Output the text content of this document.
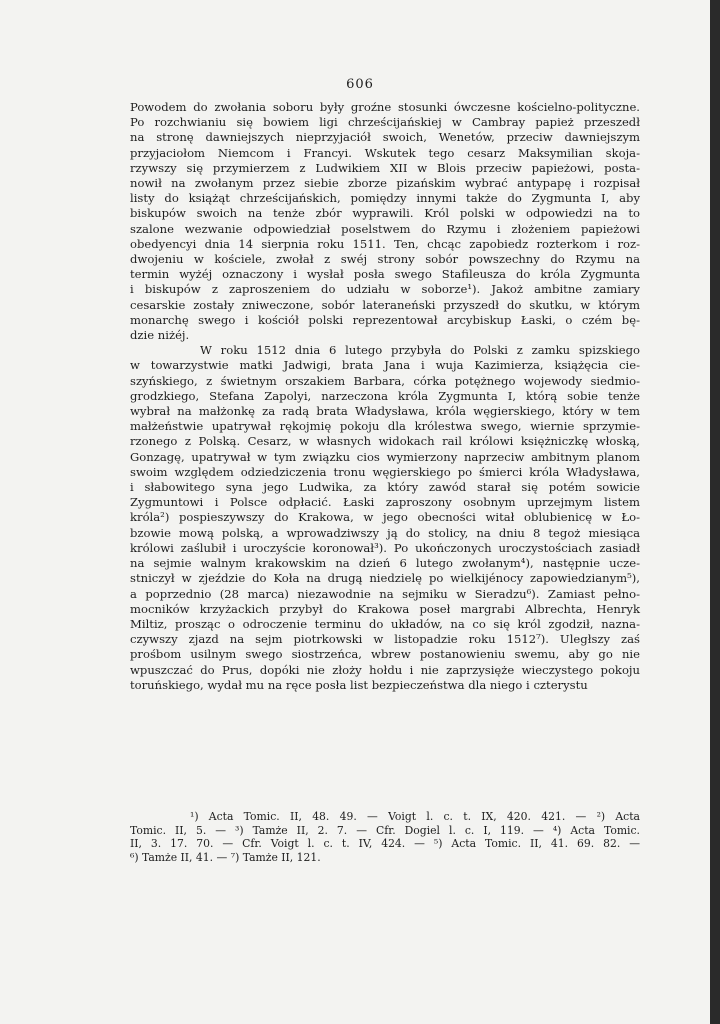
606

Powodem do zwołania soboru były groźne stosunki ówczesne kościelno-polityczne.
Po rozchwianiu się bowiem ligi chrześcijańskiej w Cambray papież przeszedł
na stronę dawniejszych nieprzyjaciół swoich, Wenetów, przeciw dawniejszym
przyjaciołom Niemcom i Francyi. Wskutek tego cesarz Maksymilian skoja-
rzywszy się przymierzem z Ludwikiem XII w Blois przeciw papieżowi, posta-
nowił na zwołanym przez siebie zborze pizańskim wybrać antypapę i rozpisał
listy do książąt chrześcijańskich, pomiędzy innymi także do Zygmunta I, aby
biskupów swoich na tenże zbór wyprawili. Król polski w odpowiedzi na to
szalone wezwanie odpowiedział poselstwem do Rzymu i złożeniem papieżowi
obedyencyi dnia 14 sierpnia roku 1511. Ten, chcąc zapobiedz rozterkom i roz-
dwojeniu w kościele, zwołał z swéj strony sobór powszechny do Rzymu na
termin wyżéj oznaczony i wysłał posła swego Stafileusza do króla Zygmunta
i biskupów z zaproszeniem do udziału w soborze¹). Jakoż ambitne zamiary
cesarskie zostały zniweczone, sobór lateraneński przyszedł do skutku, w którym
monarchę swego i kościół polski reprezentował arcybiskup Łaski, o czém bę-
dzie niżéj.

W roku 1512 dnia 6 lutego przybyła do Polski z zamku spizskiego
w towarzystwie matki Jadwigi, brata Jana i wuja Kazimierza, książęcia cie-
szyńskiego, z świetnym orszakiem Barbara, córka potężnego wojewody siedmio-
grodzkiego, Stefana Zapolyi, narzeczona króla Zygmunta I, którą sobie tenże
wybrał na małżonkę za radą brata Władysława, króla węgierskiego, który w tem
małżeństwie upatrywał rękojmię pokoju dla królestwa swego, wiernie sprzymie-
rzonego z Polską. Cesarz, w własnych widokach rail królowi księżniczkę włoską,
Gonzagę, upatrywał w tym związku cios wymierzony naprzeciw ambitnym planom
swoim względem odziedziczenia tronu węgierskiego po śmierci króla Władysława,
i słabowitego syna jego Ludwika, za który zawód starał się potém sowicie
Zygmuntowi i Polsce odpłacić. Łaski zaproszony osobnym uprzejmym listem
króla²) pospieszywszy do Krakowa, w jego obecności witał oblubienicę w Ło-
bzowie mową polską, a wprowadziwszy ją do stolicy, na dniu 8 tegoż miesiąca
królowi zaślubił i uroczyście koronował³). Po ukończonych uroczystościach zasiadł
na sejmie walnym krakowskim na dzień 6 lutego zwołanym⁴), następnie ucze-
stniczył w zjeździe do Koła na drugą niedzielę po wielkijénocy zapowiedzianym⁵),
a poprzednio (28 marca) niezawodnie na sejmiku w Sieradzu⁶). Zamiast pełno-
mocników krzyżackich przybył do Krakowa poseł margrabi Albrechta, Henryk
Miltiz, prosząc o odroczenie terminu do układów, na co się król zgodził, nazna-
czywszy zjazd na sejm piotrkowski w listopadzie roku 1512⁷). Uległszy zaś
prośbom usilnym swego siostrzeńca, wbrew postanowieniu swemu, aby go nie
wpuszczać do Prus, dopóki nie złoży hołdu i nie zaprzysięże wieczystego pokoju
toruńskiego, wydał mu na ręce posła list bezpieczeństwa dla niego i czterystu

¹) Acta Tomic. II, 48. 49. — Voigt l. c. t. IX, 420. 421. — ²) Acta
Tomic. II, 5. — ³) Tamże II, 2. 7. — Cfr. Dogiel l. c. I, 119. — ⁴) Acta Tomic.
II, 3. 17. 70. — Cfr. Voigt l. c. t. IV, 424. — ⁵) Acta Tomic. II, 41. 69. 82. —
⁶) Tamże II, 41. — ⁷) Tamże II, 121.
